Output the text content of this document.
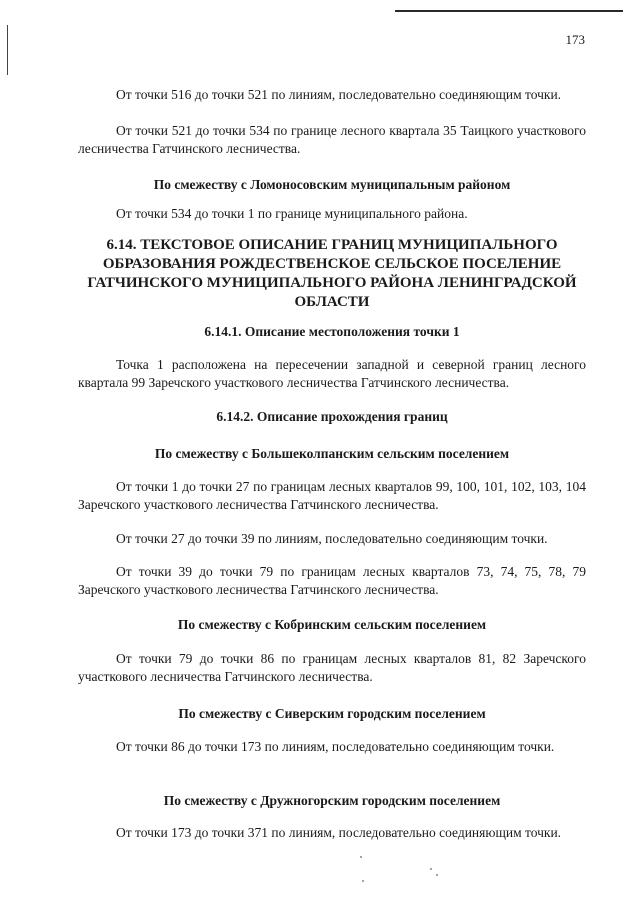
173

От точки 516 до точки 521 по линиям, последовательно соединяющим точки.

От точки 521 до точки 534 по границе лесного квартала 35 Таицкого участкового лесничества Гатчинского лесничества.

По смежеству с Ломоносовским муниципальным районом

От точки 534 до точки 1 по границе муниципального района.

6.14. ТЕКСТОВОЕ ОПИСАНИЕ ГРАНИЦ МУНИЦИПАЛЬНОГО ОБРАЗОВАНИЯ РОЖДЕСТВЕНСКОЕ СЕЛЬСКОЕ ПОСЕЛЕНИЕ ГАТЧИНСКОГО МУНИЦИПАЛЬНОГО РАЙОНА ЛЕНИНГРАДСКОЙ ОБЛАСТИ

6.14.1. Описание местоположения точки 1

Точка 1 расположена на пересечении западной и северной границ лесного квартала 99 Заречского участкового лесничества Гатчинского лесничества.

6.14.2. Описание прохождения границ

По смежеству с Большеколпанским сельским поселением

От точки 1 до точки 27 по границам лесных кварталов 99, 100, 101, 102, 103, 104 Заречского участкового лесничества Гатчинского лесничества.

От точки 27 до точки 39 по линиям, последовательно соединяющим точки.

От точки 39 до точки 79 по границам лесных кварталов 73, 74, 75, 78, 79 Заречского участкового лесничества Гатчинского лесничества.

По смежеству с Кобринским сельским поселением

От точки 79 до точки 86 по границам лесных кварталов 81, 82 Заречского участкового лесничества Гатчинского лесничества.

По смежеству с Сиверским городским поселением

От точки 86 до точки 173 по линиям, последовательно соединяющим точки.

По смежеству с Дружногорским городским поселением

От точки 173 до точки 371 по линиям, последовательно соединяющим точки.
